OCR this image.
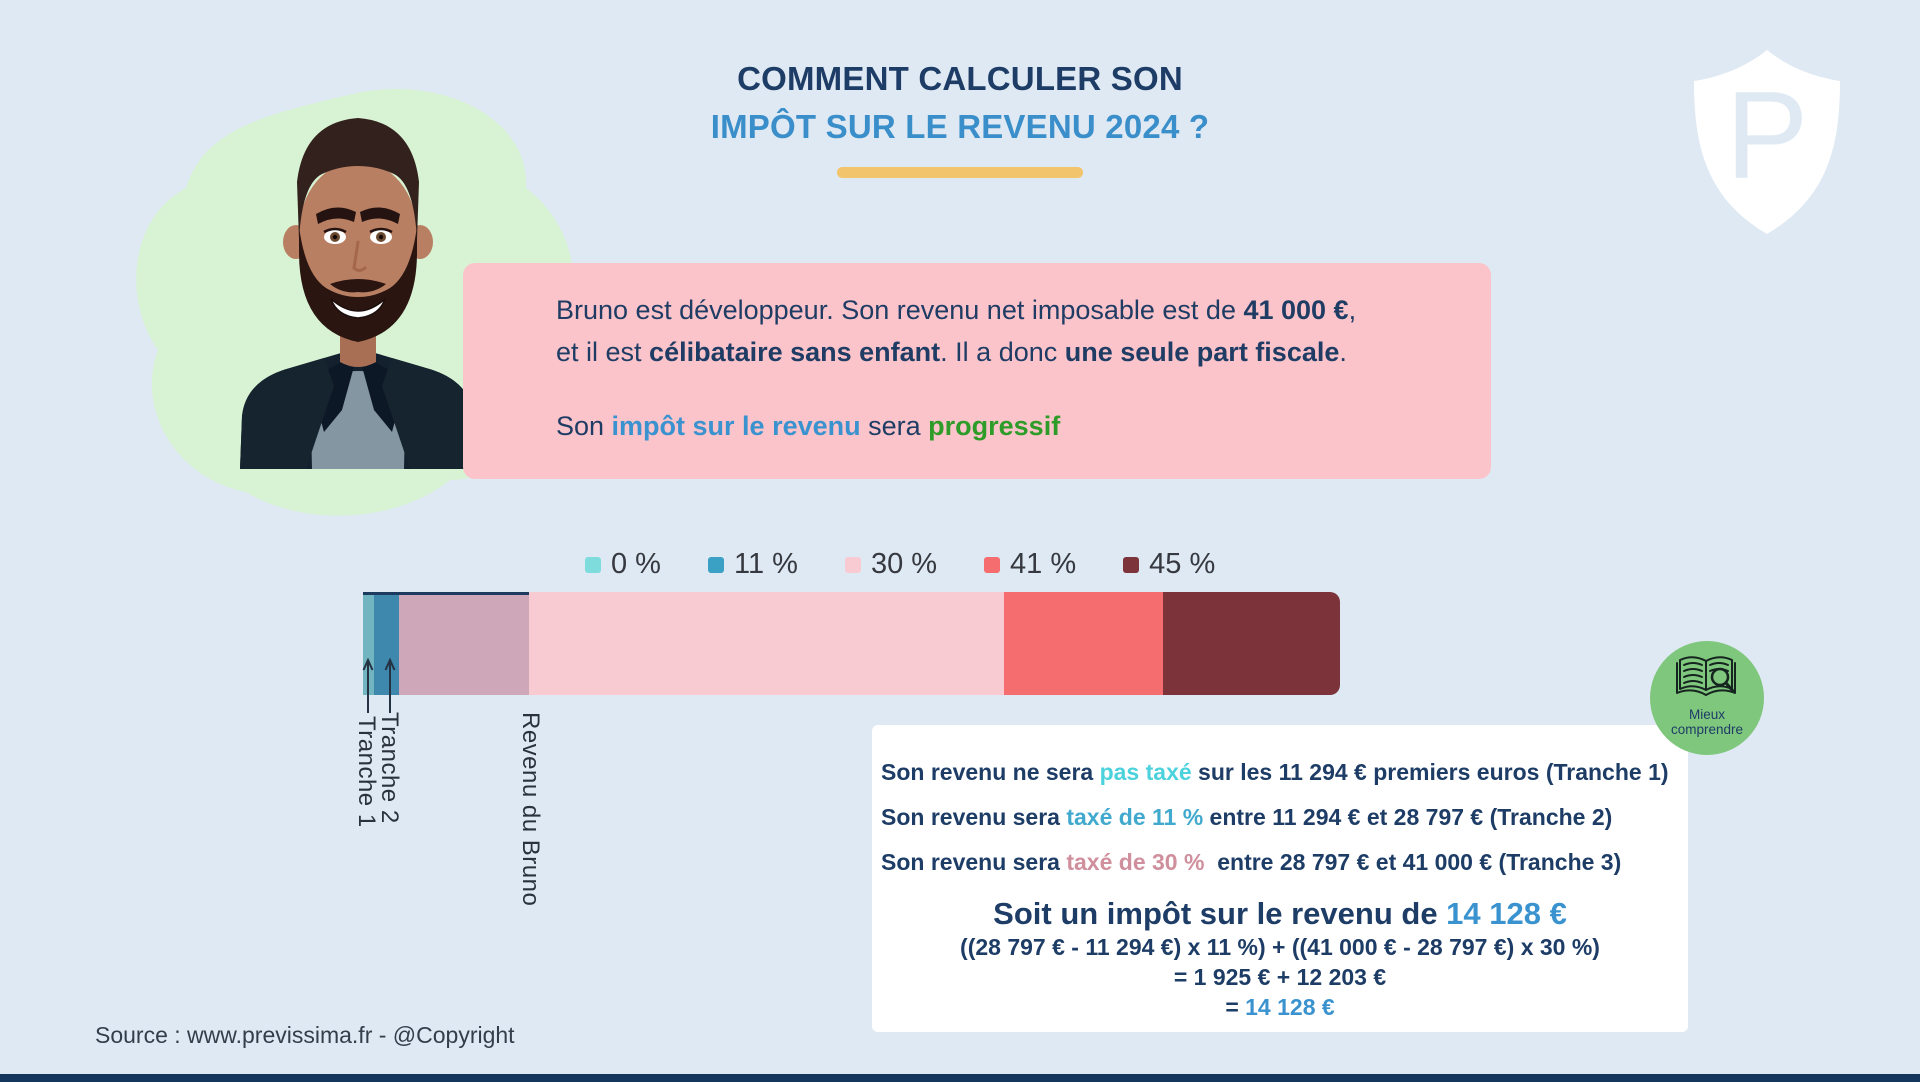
COMMENT CALCULER SON
IMPÔT SUR LE REVENU 2024 ?	P
Bruno est développeur. Son revenu net imposable est de 41 000 €,
et il est célibataire sans enfant. Il a donc une seule part fiscale.
Son impôt sur le revenu sera progressif
0 %	11 %	30 %	41 %	45 %
Tranche 1
Tranche 2	Revenu du Bruno	Son revenu ne sera pas taxé sur les 11 294 € premiers euros (Tranche 1)
Son revenu sera taxé de 11 % entre 11 294 € et 28 797 € (Tranche 2)
Son revenu sera taxé de 30 %  entre 28 797 € et 41 000 € (Tranche 3)
Soit un impôt sur le revenu de 14 128 €
((28 797 € - 11 294 €) x 11 %) + ((41 000 € - 28 797 €) x 30 %)
= 1 925 € + 12 203 €
= 14 128 €
Mieux
comprendre
Source : www.previssima.fr - @Copyright
